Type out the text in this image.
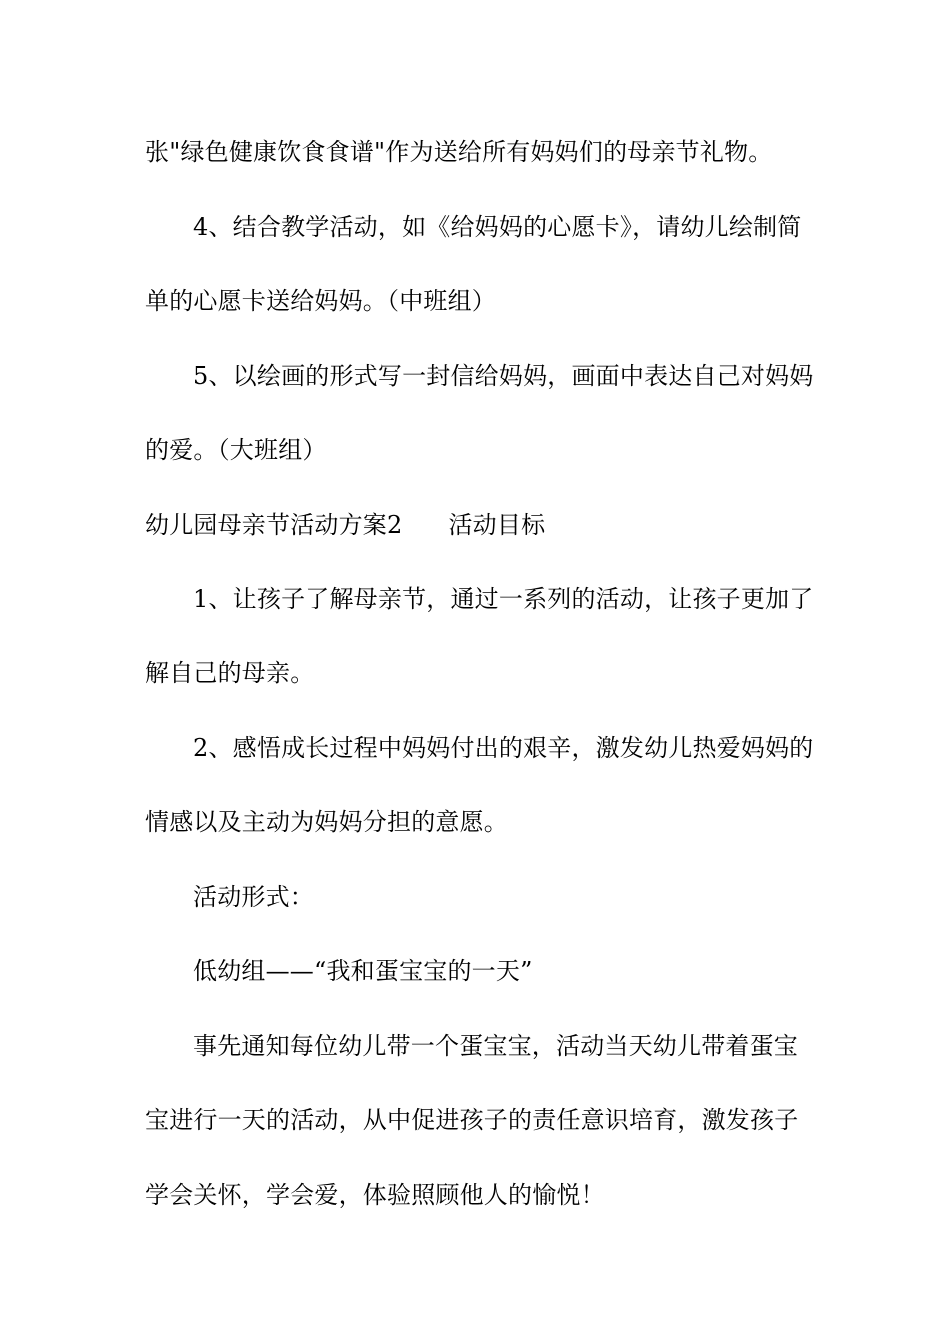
张"绿色健康饮食食谱"作为送给所有妈妈们的母亲节礼物。
4、结合教学活动，如《给妈妈的心愿卡》，请幼儿绘制简
单的心愿卡送给妈妈。（中班组）
5、以绘画的形式写一封信给妈妈，画面中表达自己对妈妈
的爱。（大班组）
幼儿园母亲节活动方案2 活动目标
1、让孩子了解母亲节，通过一系列的活动，让孩子更加了
解自己的母亲。
2、感悟成长过程中妈妈付出的艰辛，激发幼儿热爱妈妈的
情感以及主动为妈妈分担的意愿。
活动形式：
低幼组——“我和蛋宝宝的一天”
事先通知每位幼儿带一个蛋宝宝，活动当天幼儿带着蛋宝
宝进行一天的活动，从中促进孩子的责任意识培育，激发孩子
学会关怀，学会爱，体验照顾他人的愉悦！
